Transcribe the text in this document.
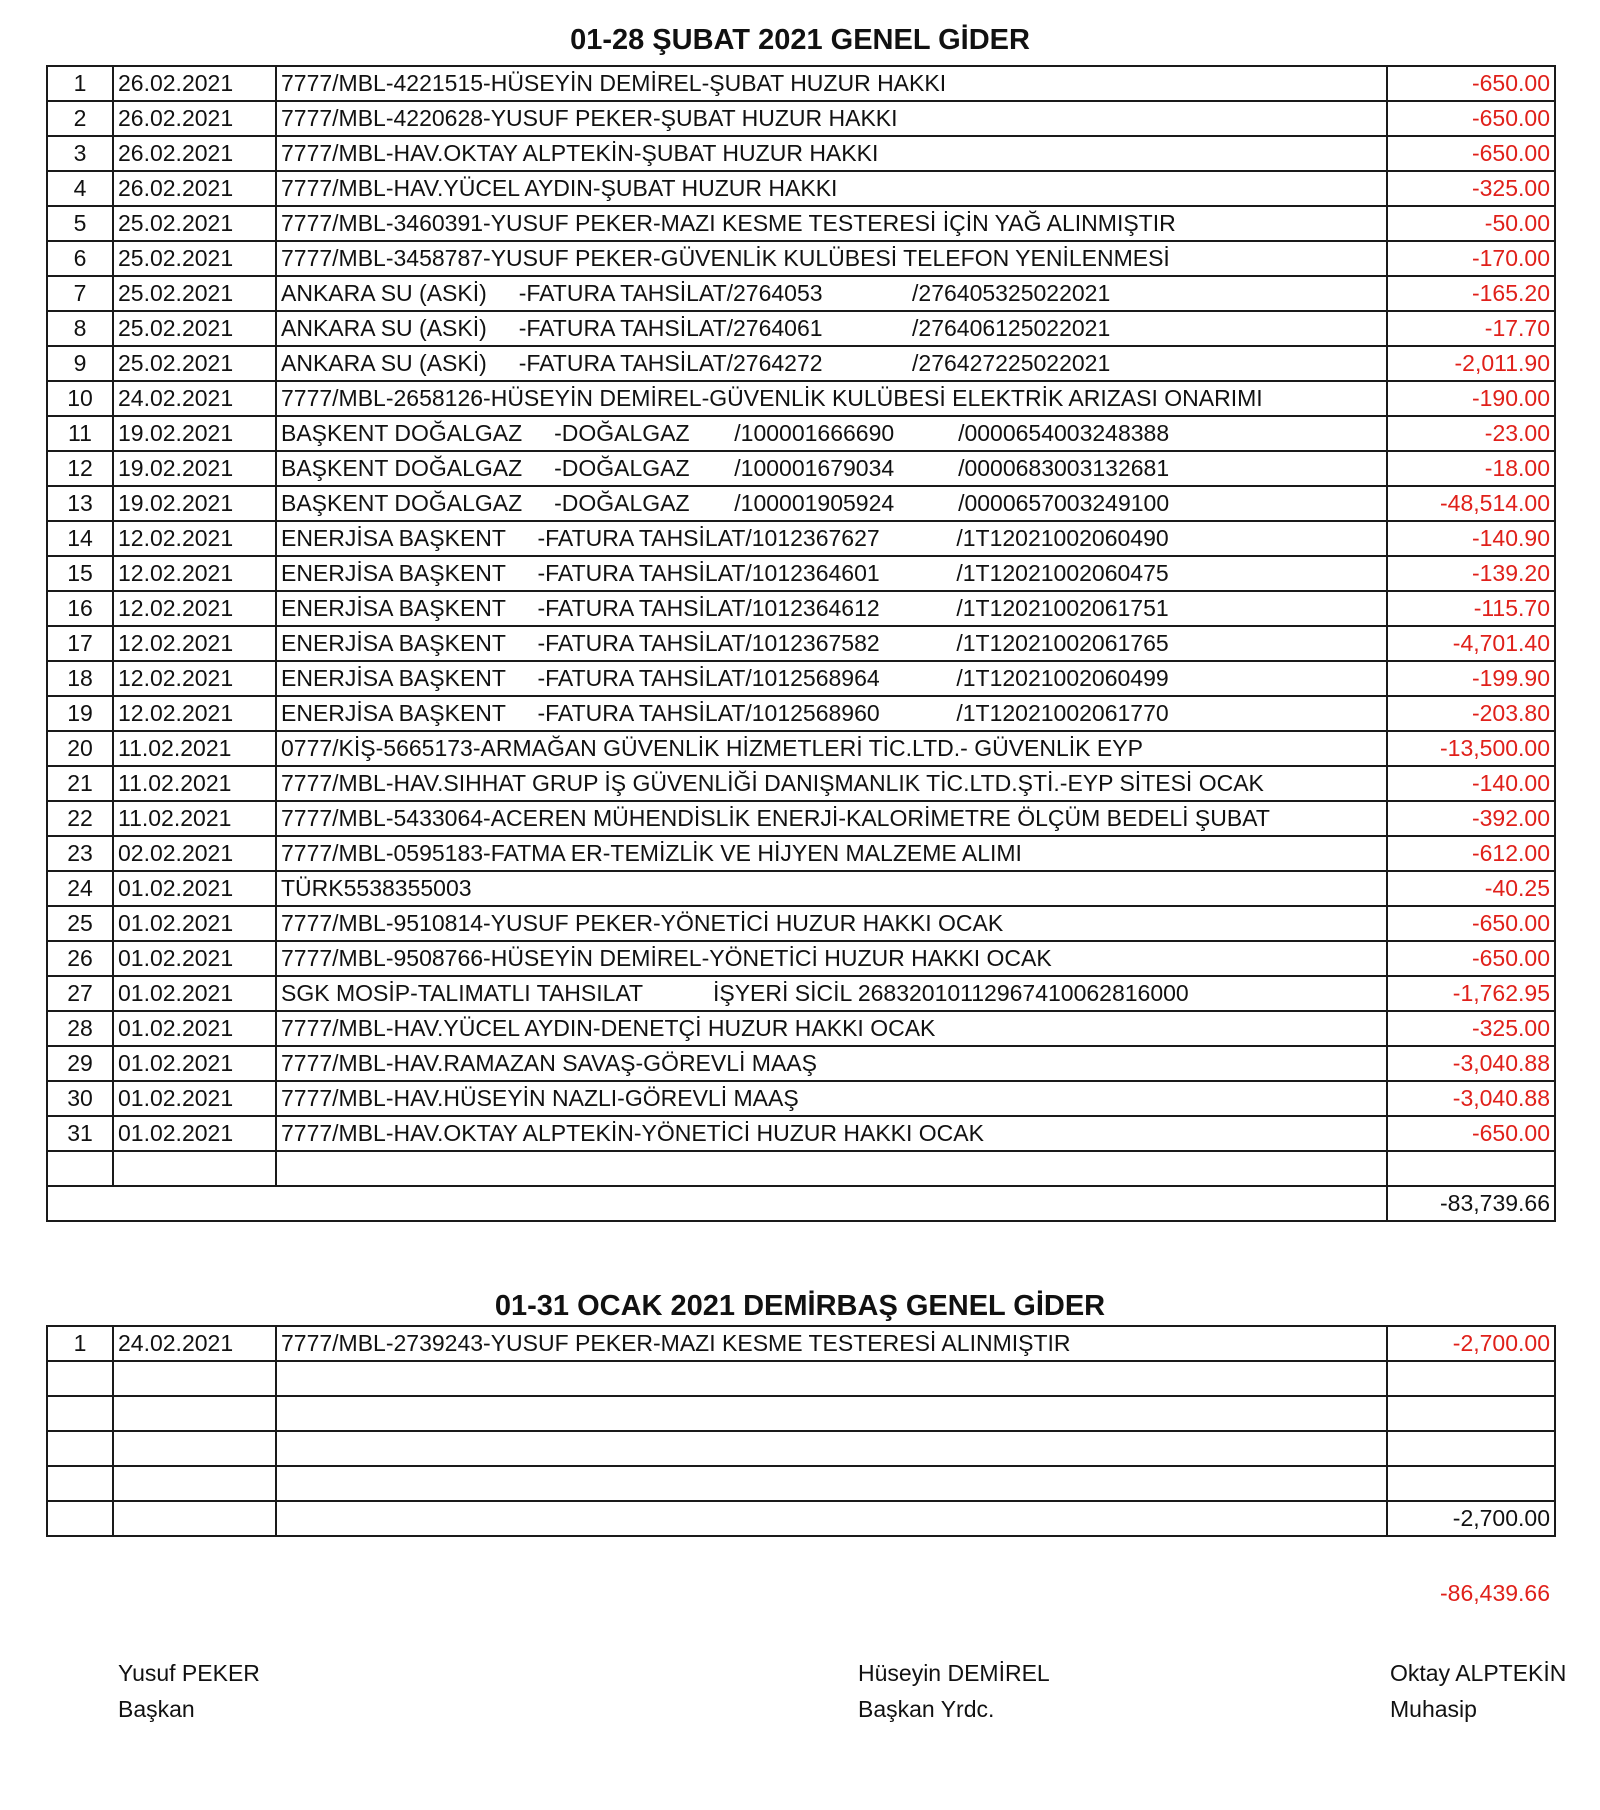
01-28 ŞUBAT 2021 GENEL GİDER
1	26.02.2021	7777/MBL-4221515-HÜSEYİN DEMİREL-ŞUBAT HUZUR HAKKI	-650.00
2	26.02.2021	7777/MBL-4220628-YUSUF PEKER-ŞUBAT HUZUR HAKKI	-650.00
3	26.02.2021	7777/MBL-HAV.OKTAY ALPTEKİN-ŞUBAT HUZUR HAKKI	-650.00
4	26.02.2021	7777/MBL-HAV.YÜCEL AYDIN-ŞUBAT HUZUR HAKKI	-325.00
5	25.02.2021	7777/MBL-3460391-YUSUF PEKER-MAZI KESME TESTERESİ İÇİN YAĞ ALINMIŞTIR	-50.00
6	25.02.2021	7777/MBL-3458787-YUSUF PEKER-GÜVENLİK KULÜBESİ TELEFON YENİLENMESİ	-170.00
7	25.02.2021	ANKARA SU (ASKİ)     -FATURA TAHSİLAT/2764053              /276405325022021	-165.20
8	25.02.2021	ANKARA SU (ASKİ)     -FATURA TAHSİLAT/2764061              /276406125022021	-17.70
9	25.02.2021	ANKARA SU (ASKİ)     -FATURA TAHSİLAT/2764272              /276427225022021	-2,011.90
10	24.02.2021	7777/MBL-2658126-HÜSEYİN DEMİREL-GÜVENLİK KULÜBESİ ELEKTRİK ARIZASI ONARIMI	-190.00
11	19.02.2021	BAŞKENT DOĞALGAZ     -DOĞALGAZ       /100001666690          /0000654003248388	-23.00
12	19.02.2021	BAŞKENT DOĞALGAZ     -DOĞALGAZ       /100001679034          /0000683003132681	-18.00
13	19.02.2021	BAŞKENT DOĞALGAZ     -DOĞALGAZ       /100001905924          /0000657003249100	-48,514.00
14	12.02.2021	ENERJİSA BAŞKENT     -FATURA TAHSİLAT/1012367627            /1T12021002060490	-140.90
15	12.02.2021	ENERJİSA BAŞKENT     -FATURA TAHSİLAT/1012364601            /1T12021002060475	-139.20
16	12.02.2021	ENERJİSA BAŞKENT     -FATURA TAHSİLAT/1012364612            /1T12021002061751	-115.70
17	12.02.2021	ENERJİSA BAŞKENT     -FATURA TAHSİLAT/1012367582            /1T12021002061765	-4,701.40
18	12.02.2021	ENERJİSA BAŞKENT     -FATURA TAHSİLAT/1012568964            /1T12021002060499	-199.90
19	12.02.2021	ENERJİSA BAŞKENT     -FATURA TAHSİLAT/1012568960            /1T12021002061770	-203.80
20	11.02.2021	0777/KİŞ-5665173-ARMAĞAN GÜVENLİK HİZMETLERİ TİC.LTD.- GÜVENLİK EYP	-13,500.00
21	11.02.2021	7777/MBL-HAV.SIHHAT GRUP İŞ GÜVENLİĞİ DANIŞMANLIK TİC.LTD.ŞTİ.-EYP SİTESİ OCAK	-140.00
22	11.02.2021	7777/MBL-5433064-ACEREN MÜHENDİSLİK ENERJİ-KALORİMETRE ÖLÇÜM BEDELİ ŞUBAT	-392.00
23	02.02.2021	7777/MBL-0595183-FATMA ER-TEMİZLİK VE HİJYEN MALZEME ALIMI	-612.00
24	01.02.2021	TÜRK5538355003	-40.25
25	01.02.2021	7777/MBL-9510814-YUSUF PEKER-YÖNETİCİ HUZUR HAKKI OCAK	-650.00
26	01.02.2021	7777/MBL-9508766-HÜSEYİN DEMİREL-YÖNETİCİ HUZUR HAKKI OCAK	-650.00
27	01.02.2021	SGK MOSİP-TALIMATLI TAHSILAT           İŞYERİ SİCİL 26832010112967410062816000	-1,762.95
28	01.02.2021	7777/MBL-HAV.YÜCEL AYDIN-DENETÇİ HUZUR HAKKI OCAK	-325.00
29	01.02.2021	7777/MBL-HAV.RAMAZAN SAVAŞ-GÖREVLİ MAAŞ	-3,040.88
30	01.02.2021	7777/MBL-HAV.HÜSEYİN NAZLI-GÖREVLİ MAAŞ	-3,040.88
31	01.02.2021	7777/MBL-HAV.OKTAY ALPTEKİN-YÖNETİCİ HUZUR HAKKI OCAK	-650.00

			-83,739.66
01-31 OCAK 2021 DEMİRBAŞ GENEL GİDER
1	24.02.2021	7777/MBL-2739243-YUSUF PEKER-MAZI KESME TESTERESİ ALINMIŞTIR	-2,700.00

			-2,700.00
-86,439.66
Yusuf PEKER
Başkan
Hüseyin DEMİREL
Başkan Yrdc.
Oktay ALPTEKİN
Muhasip
